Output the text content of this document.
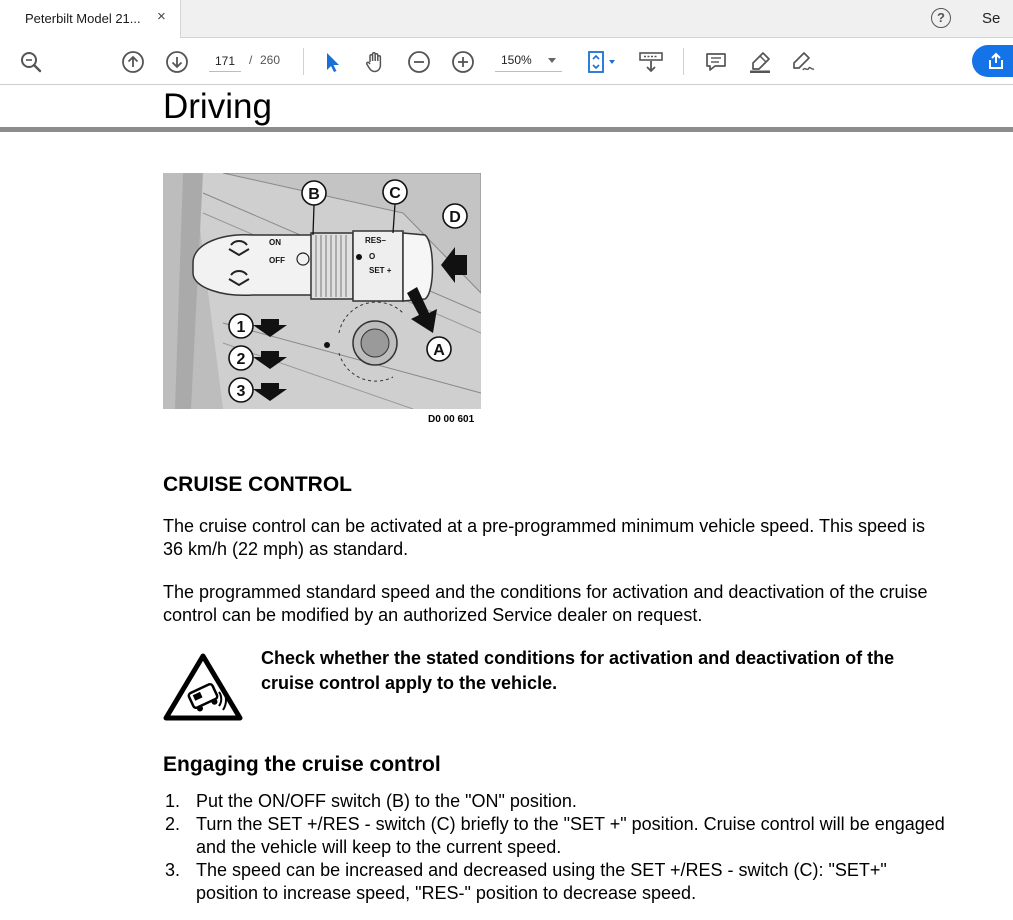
Peterbilt Model 21... ×	?	Se
171
/ 260	150%
Driving
ON
OFF
RES–
O
SET +
B	C
D
A
1
2
3
D0 00 601
CRUISE CONTROL
The cruise control can be activated at a pre-programmed minimum vehicle speed. This speed is 36 km/h (22 mph) as standard.
The programmed standard speed and the conditions for activation and deactivation of the cruise control can be modified by an authorized Service dealer on request.
Check whether the stated conditions for activation and deactivation of the cruise control apply to the vehicle.
Engaging the cruise control
1. Put the ON/OFF switch (B) to the "ON" position.
2. Turn the SET +/RES - switch (C) briefly to the "SET +" position. Cruise control will be engaged and the vehicle will keep to the current speed.
3. The speed can be increased and decreased using the SET +/RES - switch (C): "SET+" position to increase speed, "RES-" position to decrease speed.
